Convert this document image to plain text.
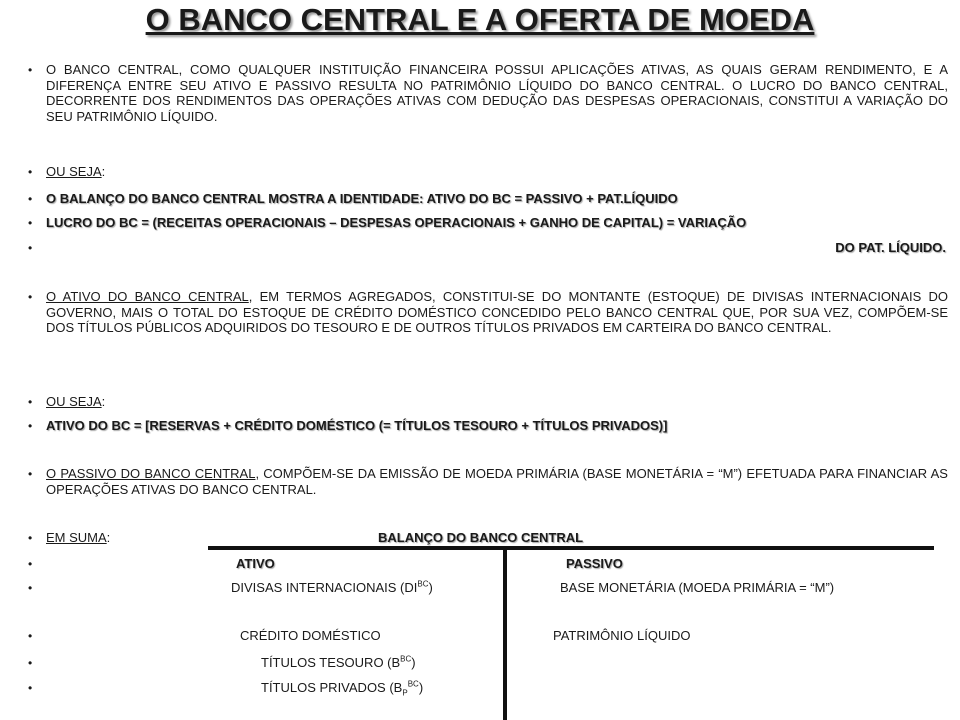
O BANCO CENTRAL E A OFERTA DE MOEDA
• O BANCO CENTRAL, COMO QUALQUER INSTITUIÇÃO FINANCEIRA POSSUI APLICAÇÕES ATIVAS, AS QUAIS GERAM RENDIMENTO, E A DIFERENÇA ENTRE SEU ATIVO E PASSIVO RESULTA NO PATRIMÔNIO LÍQUIDO DO BANCO CENTRAL. O LUCRO DO BANCO CENTRAL, DECORRENTE DOS RENDIMENTOS DAS OPERAÇÕES ATIVAS COM DEDUÇÃO DAS DESPESAS OPERACIONAIS, CONSTITUI A VARIAÇÃO DO SEU PATRIMÔNIO LÍQUIDO.

• OU SEJA:

• O BALANÇO DO BANCO CENTRAL MOSTRA A IDENTIDADE: ATIVO DO BC = PASSIVO + PAT.LÍQUIDO

• LUCRO DO BC = (RECEITAS OPERACIONAIS – DESPESAS OPERACIONAIS + GANHO DE CAPITAL) = VARIAÇÃO

•	DO PAT. LÍQUIDO.

• O ATIVO DO BANCO CENTRAL, EM TERMOS AGREGADOS, CONSTITUI-SE DO MONTANTE (ESTOQUE) DE DIVISAS INTERNACIONAIS DO GOVERNO, MAIS O TOTAL DO ESTOQUE DE CRÉDITO DOMÉSTICO CONCEDIDO PELO BANCO CENTRAL QUE, POR SUA VEZ, COMPÕEM-SE DOS TÍTULOS PÚBLICOS ADQUIRIDOS DO TESOURO E DE OUTROS TÍTULOS PRIVADOS EM CARTEIRA DO BANCO CENTRAL.

• OU SEJA:

• ATIVO DO BC = [RESERVAS + CRÉDITO DOMÉSTICO (= TÍTULOS TESOURO + TÍTULOS PRIVADOS)]

• O PASSIVO DO BANCO CENTRAL, COMPÕEM-SE DA EMISSÃO DE MOEDA PRIMÁRIA (BASE MONETÁRIA = “M”) EFETUADA PARA FINANCIAR AS OPERAÇÕES ATIVAS DO BANCO CENTRAL.

• EM SUMA:	BALANÇO DO BANCO CENTRAL
•	ATIVO	PASSIVO
•	DIVISAS INTERNACIONAIS $(DI^{BC})$	BASE MONETÁRIA (MOEDA PRIMÁRIA = “M”)
•	CRÉDITO DOMÉSTICO	PATRIMÔNIO LÍQUIDO
•	TÍTULOS TESOURO $(B^{BC})$
•	TÍTULOS PRIVADOS $(B_P^{BC})$
